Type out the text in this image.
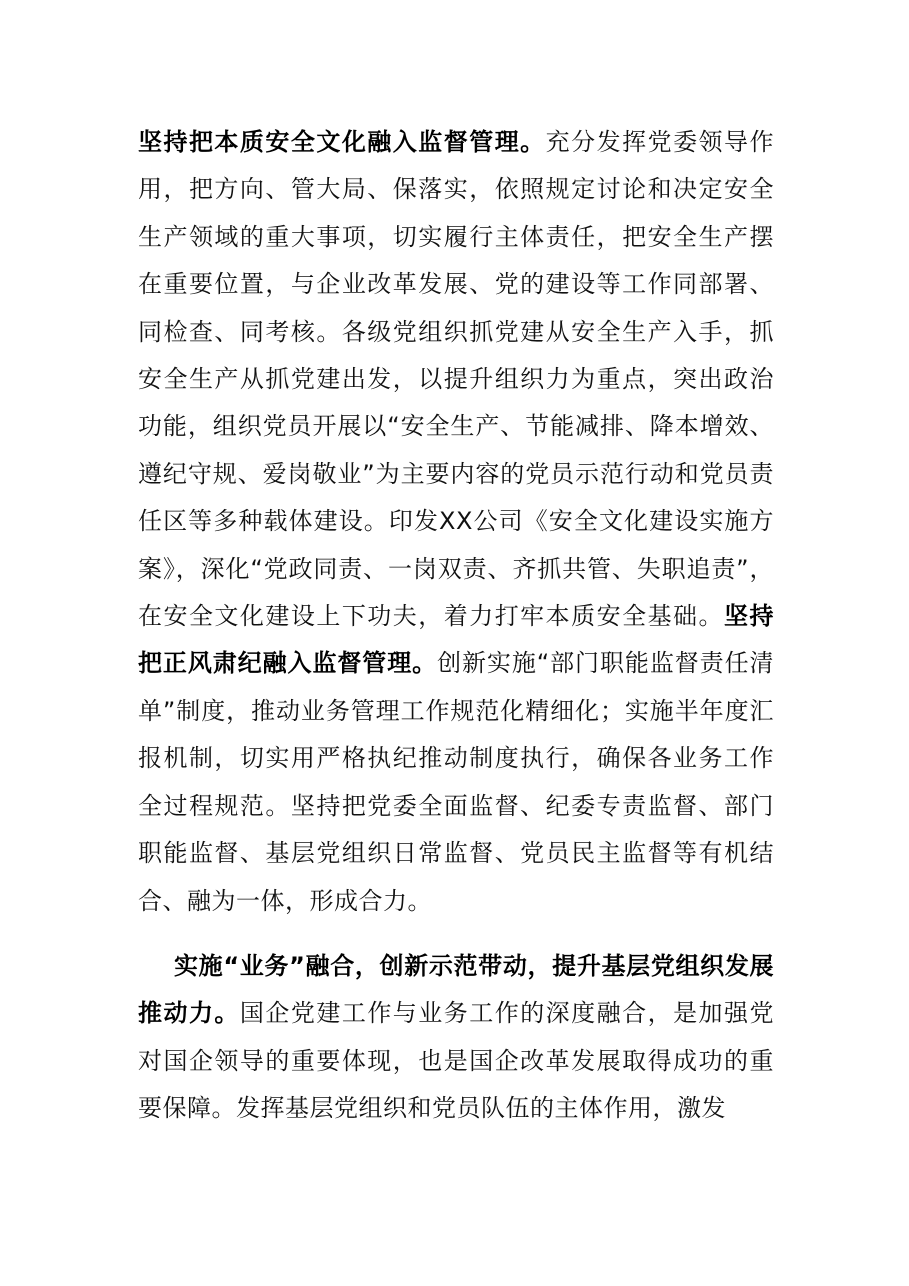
坚持把本质安全文化融入监督管理。充分发挥党委领导作用，把方向、管大局、保落实，依照规定讨论和决定安全生产领域的重大事项，切实履行主体责任，把安全生产摆在重要位置，与企业改革发展、党的建设等工作同部署、同检查、同考核。各级党组织抓党建从安全生产入手，抓安全生产从抓党建出发，以提升组织力为重点，突出政治功能，组织党员开展以“安全生产、节能减排、降本增效、遵纪守规、爱岗敬业”为主要内容的党员示范行动和党员责任区等多种载体建设。印发XX公司《安全文化建设实施方案》，深化“党政同责、一岗双责、齐抓共管、失职追责”，在安全文化建设上下功夫，着力打牢本质安全基础。坚持把正风肃纪融入监督管理。创新实施“部门职能监督责任清单”制度，推动业务管理工作规范化精细化；实施半年度汇报机制，切实用严格执纪推动制度执行，确保各业务工作全过程规范。坚持把党委全面监督、纪委专责监督、部门职能监督、基层党组织日常监督、党员民主监督等有机结合、融为一体，形成合力。

实施“业务”融合，创新示范带动，提升基层党组织发展推动力。国企党建工作与业务工作的深度融合，是加强党对国企领导的重要体现，也是国企改革发展取得成功的重要保障。发挥基层党组织和党员队伍的主体作用，激发
